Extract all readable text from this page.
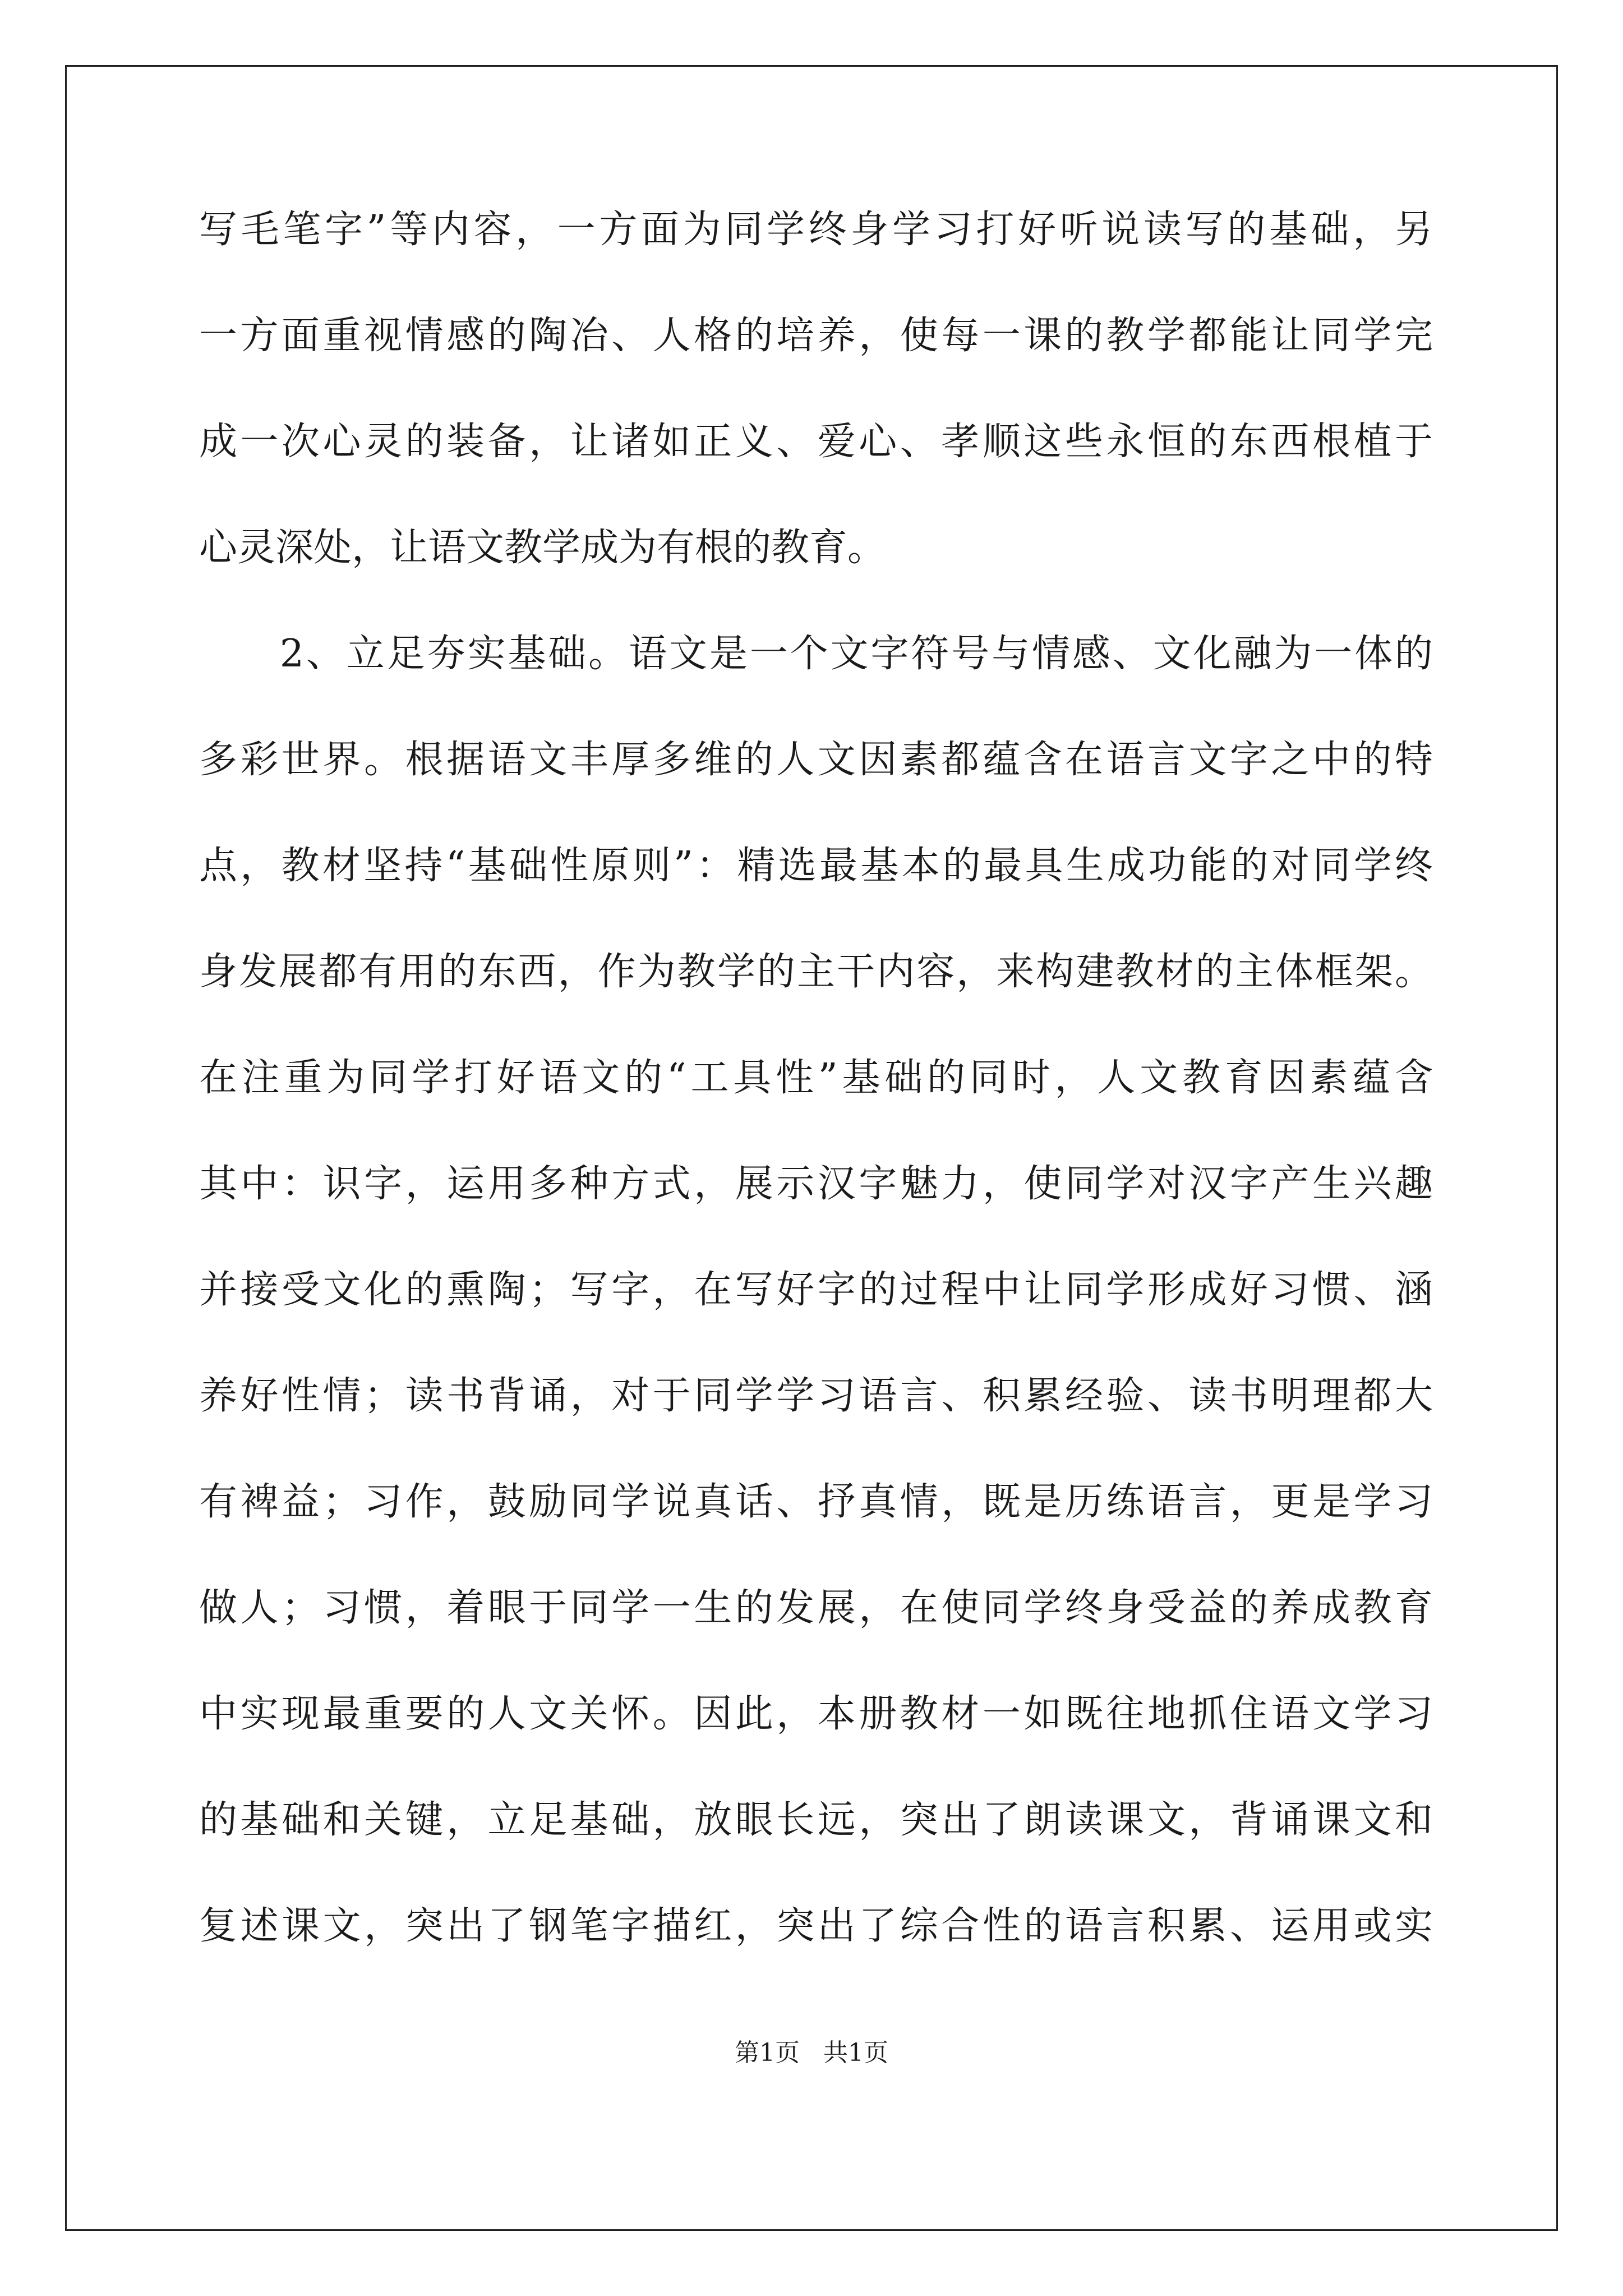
写毛笔字”等内容，一方面为同学终身学习打好听说读写的基础，另
一方面重视情感的陶冶、人格的培养，使每一课的教学都能让同学完
成一次心灵的装备，让诸如正义、爱心、孝顺这些永恒的东西根植于
心灵深处，让语文教学成为有根的教育。
　　2、立足夯实基础。语文是一个文字符号与情感、文化融为一体的
多彩世界。根据语文丰厚多维的人文因素都蕴含在语言文字之中的特
点，教材坚持“基础性原则”：精选最基本的最具生成功能的对同学终
身发展都有用的东西，作为教学的主干内容，来构建教材的主体框架。
在注重为同学打好语文的“工具性”基础的同时，人文教育因素蕴含
其中：识字，运用多种方式，展示汉字魅力，使同学对汉字产生兴趣
并接受文化的熏陶；写字，在写好字的过程中让同学形成好习惯、涵
养好性情；读书背诵，对于同学学习语言、积累经验、读书明理都大
有裨益；习作，鼓励同学说真话、抒真情，既是历练语言，更是学习
做人；习惯，着眼于同学一生的发展，在使同学终身受益的养成教育
中实现最重要的人文关怀。因此，本册教材一如既往地抓住语文学习
的基础和关键，立足基础，放眼长远，突出了朗读课文，背诵课文和
复述课文，突出了钢笔字描红，突出了综合性的语言积累、运用或实
第1页   共1页
